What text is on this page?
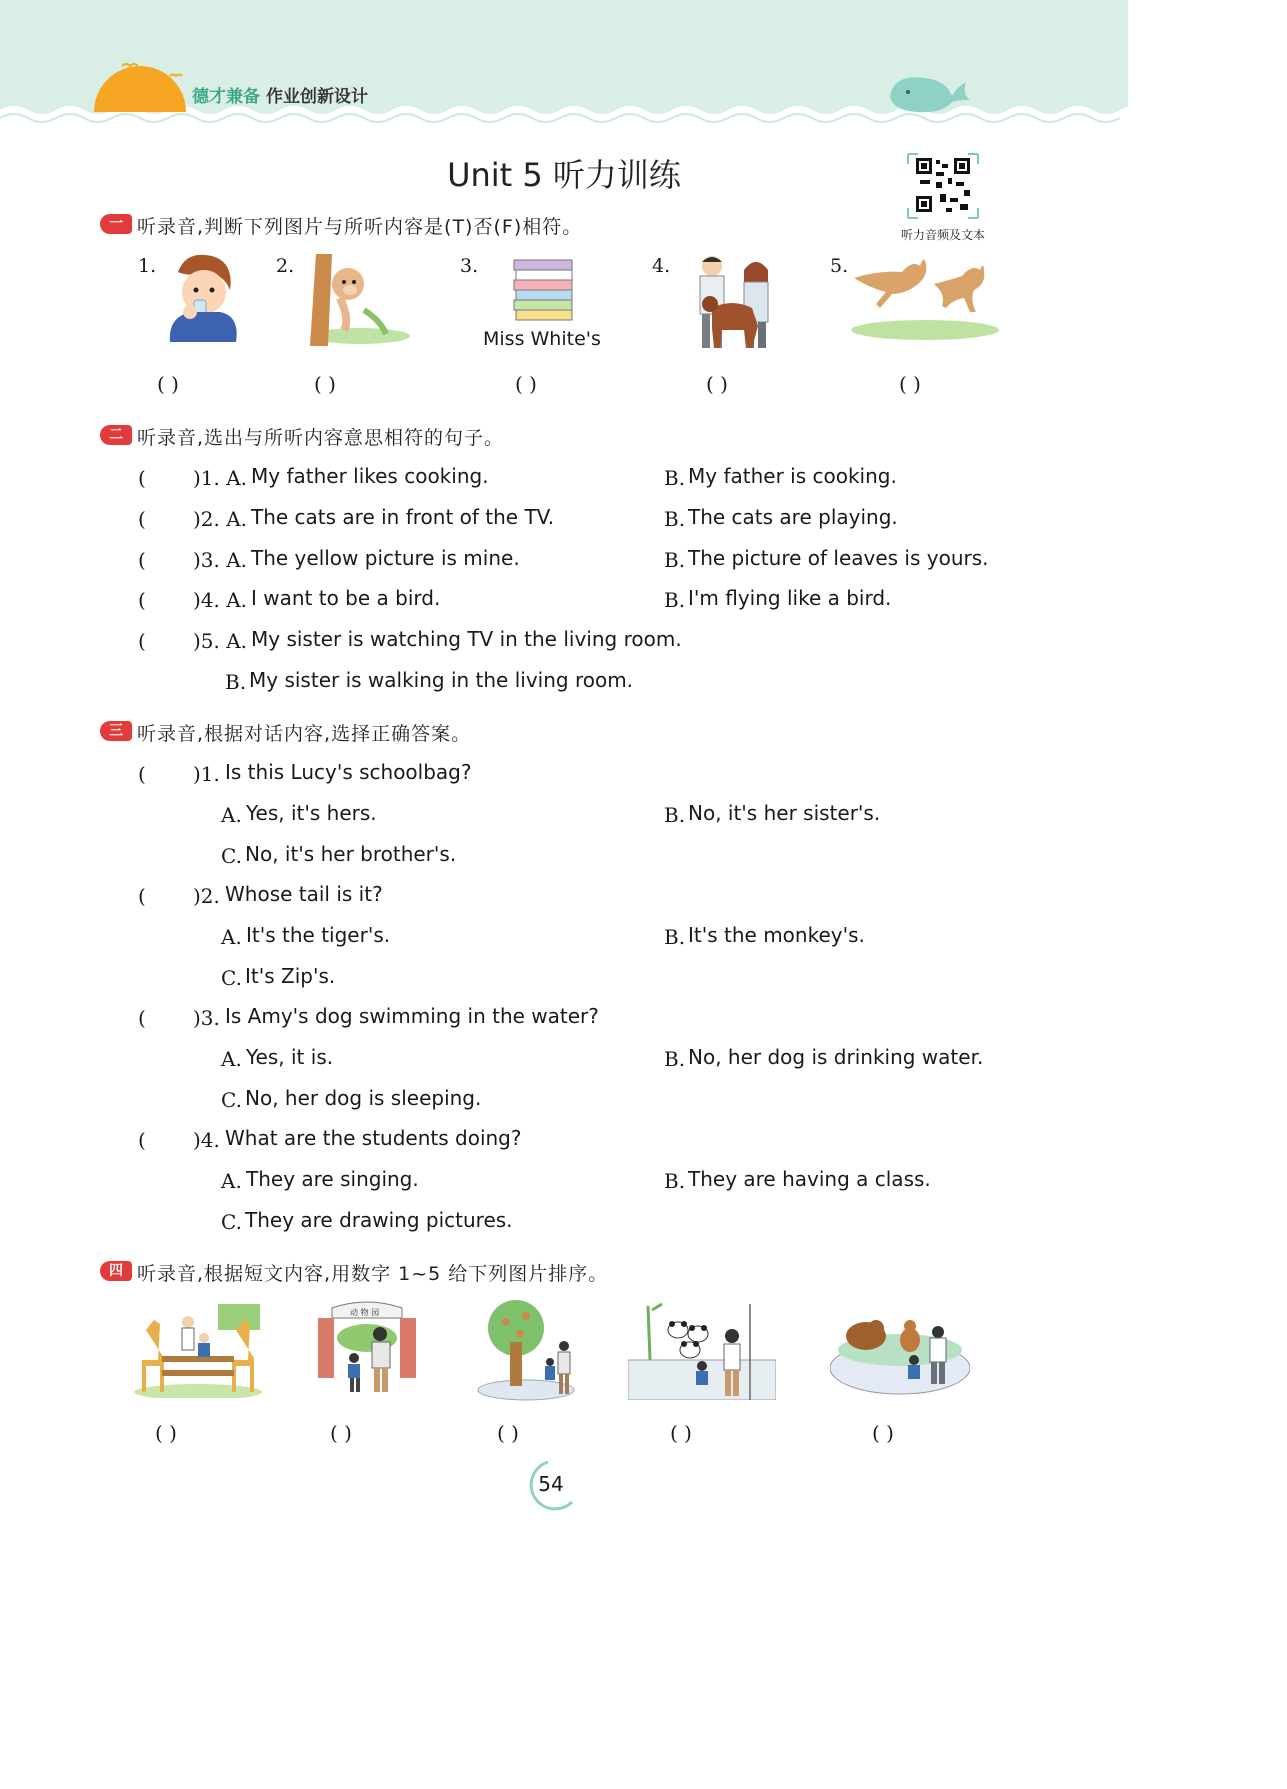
德才兼备 作业创新设计
Unit 5 听力训练
听力音频及文本
一 听录音,判断下列图片与所听内容是(T)否(F)相符。
1.	2.	3.
Miss White's
4.	5.
( )	( )	( )	( )	( )
二 听录音,选出与所听内容意思相符的句子。
( )1. A. My father likes cooking.	B. My father is cooking.
( )2. A. The cats are in front of the TV.	B. The cats are playing.
( )3. A. The yellow picture is mine.	B. The picture of leaves is yours.
( )4. A. I want to be a bird.	B. I'm flying like a bird.
( )5. A. My sister is watching TV in the living room.
B. My sister is walking in the living room.
三 听录音,根据对话内容,选择正确答案。
( )1. Is this Lucy's schoolbag?
A. Yes, it's hers.	B. No, it's her sister's.
C. No, it's her brother's.
( )2. Whose tail is it?
A. It's the tiger's.	B. It's the monkey's.
C. It's Zip's.
( )3. Is Amy's dog swimming in the water?
A. Yes, it is.	B. No, her dog is drinking water.
C. No, her dog is sleeping.
( )4. What are the students doing?
A. They are singing.	B. They are having a class.
C. They are drawing pictures.
四 听录音,根据短文内容,用数字 1~5 给下列图片排序。
动 物 园
( )	( )	( )	( )	( )
54
